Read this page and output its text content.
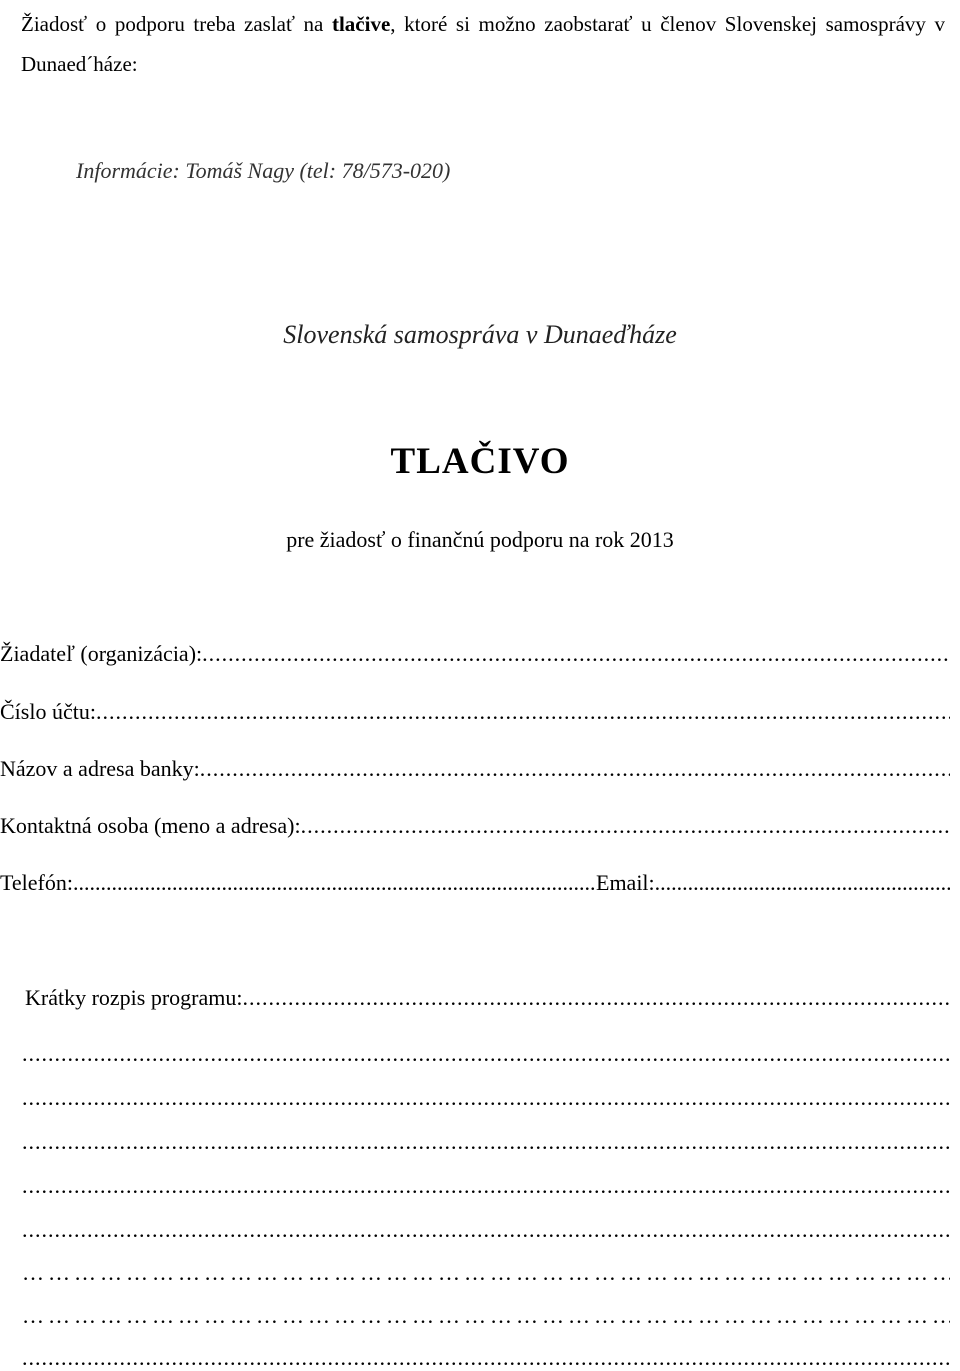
Žiadosť o podporu treba zaslať na tlačive, ktoré si možno zaobstarať u členov Slovenskej samosprávy v Dunaed´háze:
Informácie: Tomáš Nagy (tel: 78/573-020)
Slovenská samospráva v Dunaeďháze
TLAČIVO
pre žiadosť o finančnú podporu na rok 2013
Žiadateľ (organizácia):
.....
Číslo účtu:
.....
Názov a adresa banky:
.....
Kontaktná osoba (meno a adresa):
.....
Telefón:
.....	Email:
.....
Krátky rozpis programu:
.....
.....
.....
.....
.....
.....
…………………………………………………………………………………………………………………………………………
…………………………………………………………………………………………………………………………………………
.....
